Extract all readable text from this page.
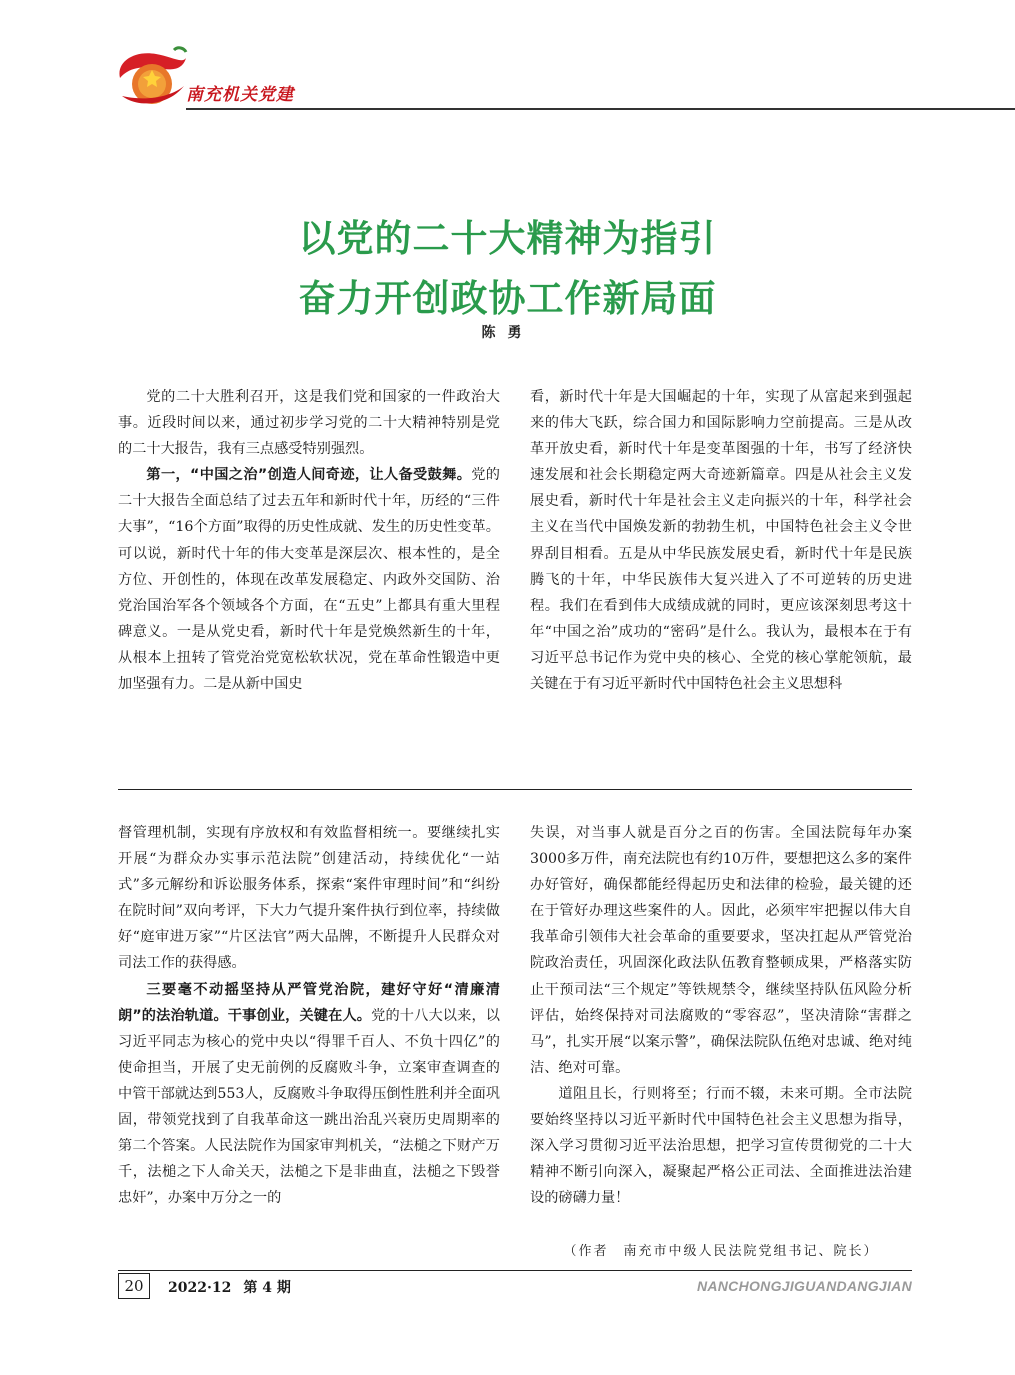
南充机关党建
以党的二十大精神为指引
奋力开创政协工作新局面
陈勇

党的二十大胜利召开，这是我们党和国家的一件政治大事。近段时间以来，通过初步学习党的二十大精神特别是党的二十大报告，我有三点感受特别强烈。

第一，“中国之治”创造人间奇迹，让人备受鼓舞。党的二十大报告全面总结了过去五年和新时代十年，历经的“三件大事”，“16个方面”取得的历史性成就、发生的历史性变革。可以说，新时代十年的伟大变革是深层次、根本性的，是全方位、开创性的，体现在改革发展稳定、内政外交国防、治党治国治军各个领域各个方面，在“五史”上都具有重大里程碑意义。一是从党史看，新时代十年是党焕然新生的十年，从根本上扭转了管党治党宽松软状况，党在革命性锻造中更加坚强有力。二是从新中国史

看，新时代十年是大国崛起的十年，实现了从富起来到强起来的伟大飞跃，综合国力和国际影响力空前提高。三是从改革开放史看，新时代十年是变革图强的十年，书写了经济快速发展和社会长期稳定两大奇迹新篇章。四是从社会主义发展史看，新时代十年是社会主义走向振兴的十年，科学社会主义在当代中国焕发新的勃勃生机，中国特色社会主义令世界刮目相看。五是从中华民族发展史看，新时代十年是民族腾飞的十年，中华民族伟大复兴进入了不可逆转的历史进程。我们在看到伟大成绩成就的同时，更应该深刻思考这十年“中国之治”成功的“密码”是什么。我认为，最根本在于有习近平总书记作为党中央的核心、全党的核心掌舵领航，最关键在于有习近平新时代中国特色社会主义思想科

督管理机制，实现有序放权和有效监督相统一。要继续扎实开展“为群众办实事示范法院”创建活动，持续优化“一站式”多元解纷和诉讼服务体系，探索“案件审理时间”和“纠纷在院时间”双向考评，下大力气提升案件执行到位率，持续做好“庭审进万家”“片区法官”两大品牌，不断提升人民群众对司法工作的获得感。

三要毫不动摇坚持从严管党治院，建好守好“清廉清朗”的法治轨道。干事创业，关键在人。党的十八大以来，以习近平同志为核心的党中央以“得罪千百人、不负十四亿”的使命担当，开展了史无前例的反腐败斗争，立案审查调查的中管干部就达到553人，反腐败斗争取得压倒性胜利并全面巩固，带领党找到了自我革命这一跳出治乱兴衰历史周期率的第二个答案。人民法院作为国家审判机关，“法槌之下财产万千，法槌之下人命关天，法槌之下是非曲直，法槌之下毁誉忠奸”，办案中万分之一的

失误，对当事人就是百分之百的伤害。全国法院每年办案3000多万件，南充法院也有约10万件，要想把这么多的案件办好管好，确保都能经得起历史和法律的检验，最关键的还在于管好办理这些案件的人。因此，必须牢牢把握以伟大自我革命引领伟大社会革命的重要要求，坚决扛起从严管党治院政治责任，巩固深化政法队伍教育整顿成果，严格落实防止干预司法“三个规定”等铁规禁令，继续坚持队伍风险分析评估，始终保持对司法腐败的“零容忍”，坚决清除“害群之马”，扎实开展“以案示警”，确保法院队伍绝对忠诚、绝对纯洁、绝对可靠。

道阻且长，行则将至；行而不辍，未来可期。全市法院要始终坚持以习近平新时代中国特色社会主义思想为指导，深入学习贯彻习近平法治思想，把学习宣传贯彻党的二十大精神不断引向深入，凝聚起严格公正司法、全面推进法治建设的磅礴力量！

（作者　南充市中级人民法院党组书记、院长）
20	2022·12 第 4 期	NANCHONGJIGUANDANGJIAN
